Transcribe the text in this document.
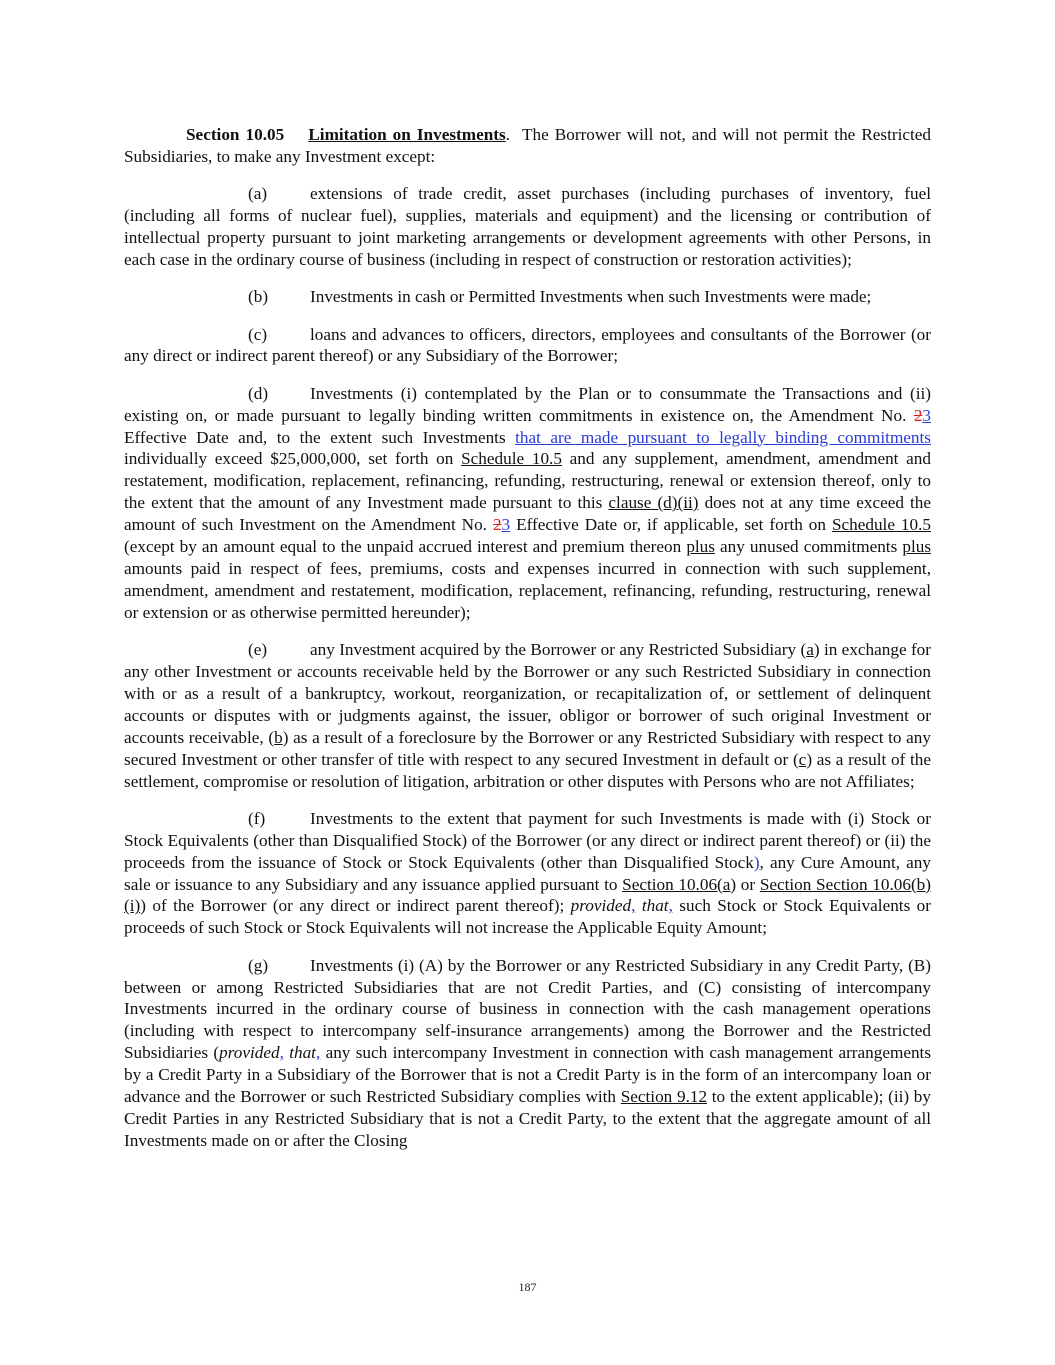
Section 10.05 Limitation on Investments.  The Borrower will not, and will not permit the Restricted Subsidiaries, to make any Investment except:

(a) extensions of trade credit, asset purchases (including purchases of inventory, fuel (including all forms of nuclear fuel), supplies, materials and equipment) and the licensing or contribution of intellectual property pursuant to joint marketing arrangements or development agreements with other Persons, in each case in the ordinary course of business (including in respect of construction or restoration activities);

(b) Investments in cash or Permitted Investments when such Investments were made;

(c) loans and advances to officers, directors, employees and consultants of the Borrower (or any direct or indirect parent thereof) or any Subsidiary of the Borrower;

(d) Investments (i) contemplated by the Plan or to consummate the Transactions and (ii) existing on, or made pursuant to legally binding written commitments in existence on, the Amendment No. 23 Effective Date and, to the extent such Investments that are made pursuant to legally binding commitments individually exceed $25,000,000, set forth on Schedule 10.5 and any supplement, amendment, amendment and restatement, modification, replacement, refinancing, refunding, restructuring, renewal or extension thereof, only to the extent that the amount of any Investment made pursuant to this clause (d)(ii) does not at any time exceed the amount of such Investment on the Amendment No. 23 Effective Date or, if applicable, set forth on Schedule 10.5 (except by an amount equal to the unpaid accrued interest and premium thereon plus any unused commitments plus amounts paid in respect of fees, premiums, costs and expenses incurred in connection with such supplement, amendment, amendment and restatement, modification, replacement, refinancing, refunding, restructuring, renewal or extension or as otherwise permitted hereunder);

(e) any Investment acquired by the Borrower or any Restricted Subsidiary (a) in exchange for any other Investment or accounts receivable held by the Borrower or any such Restricted Subsidiary in connection with or as a result of a bankruptcy, workout, reorganization, or recapitalization of, or settlement of delinquent accounts or disputes with or judgments against, the issuer, obligor or borrower of such original Investment or accounts receivable, (b) as a result of a foreclosure by the Borrower or any Restricted Subsidiary with respect to any secured Investment or other transfer of title with respect to any secured Investment in default or (c) as a result of the settlement, compromise or resolution of litigation, arbitration or other disputes with Persons who are not Affiliates;

(f)	Investments to the extent that payment for such Investments is made with (i) Stock or Stock Equivalents (other than Disqualified Stock) of the Borrower (or any direct or indirect parent thereof) or (ii) the proceeds from the issuance of Stock or Stock Equivalents (other than Disqualified Stock), any Cure Amount, any sale or issuance to any Subsidiary and any issuance applied pursuant to Section 10.06(a) or Section Section 10.06(b)(i)) of the Borrower (or any direct or indirect parent thereof); provided, that, such Stock or Stock Equivalents or proceeds of such Stock or Stock Equivalents will not increase the Applicable Equity Amount;

(g) Investments (i) (A) by the Borrower or any Restricted Subsidiary in any Credit Party, (B) between or among Restricted Subsidiaries that are not Credit Parties, and (C) consisting of intercompany Investments incurred in the ordinary course of business in connection with the cash management operations (including with respect to intercompany self-insurance arrangements) among the Borrower and the Restricted Subsidiaries (provided, that, any such intercompany Investment in connection with cash management arrangements by a Credit Party in a Subsidiary of the Borrower that is not a Credit Party is in the form of an intercompany loan or advance and the Borrower or such Restricted Subsidiary complies with Section 9.12 to the extent applicable); (ii) by Credit Parties in any Restricted Subsidiary that is not a Credit Party, to the extent that the aggregate amount of all Investments made on or after the Closing

187
